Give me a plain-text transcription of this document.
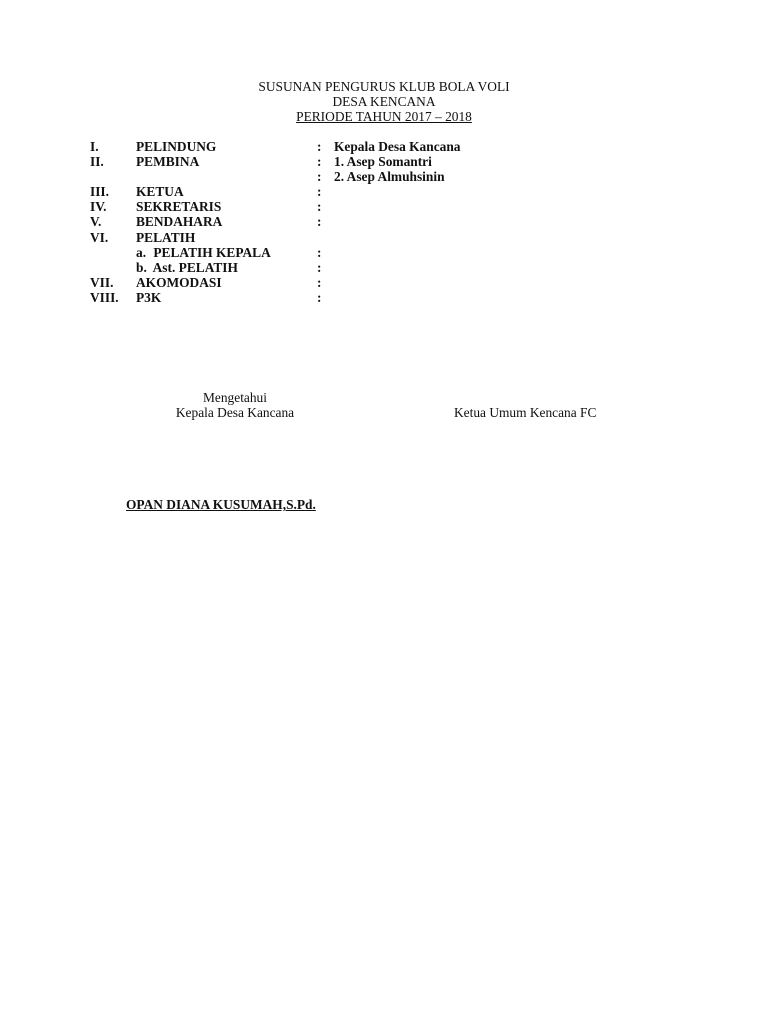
SUSUNAN PENGURUS KLUB BOLA VOLI
DESA KENCANA
PERIODE TAHUN 2017 – 2018
I.	PELINDUNG	: Kepala Desa Kancana
II. PEMBINA	: 1. Asep Somantri
: 2. Asep Almuhsinin
III. KETUA	:
IV. SEKRETARIS	:
V.	BENDAHARA	:
VI. PELATIH
a. PELATIH KEPALA	:
b. Ast. PELATIH	:
VII. AKOMODASI	:
VIII. P3K	:
Mengetahui
Kepala Desa Kancana	Ketua Umum Kencana FC
OPAN DIANA KUSUMAH,S.Pd.
